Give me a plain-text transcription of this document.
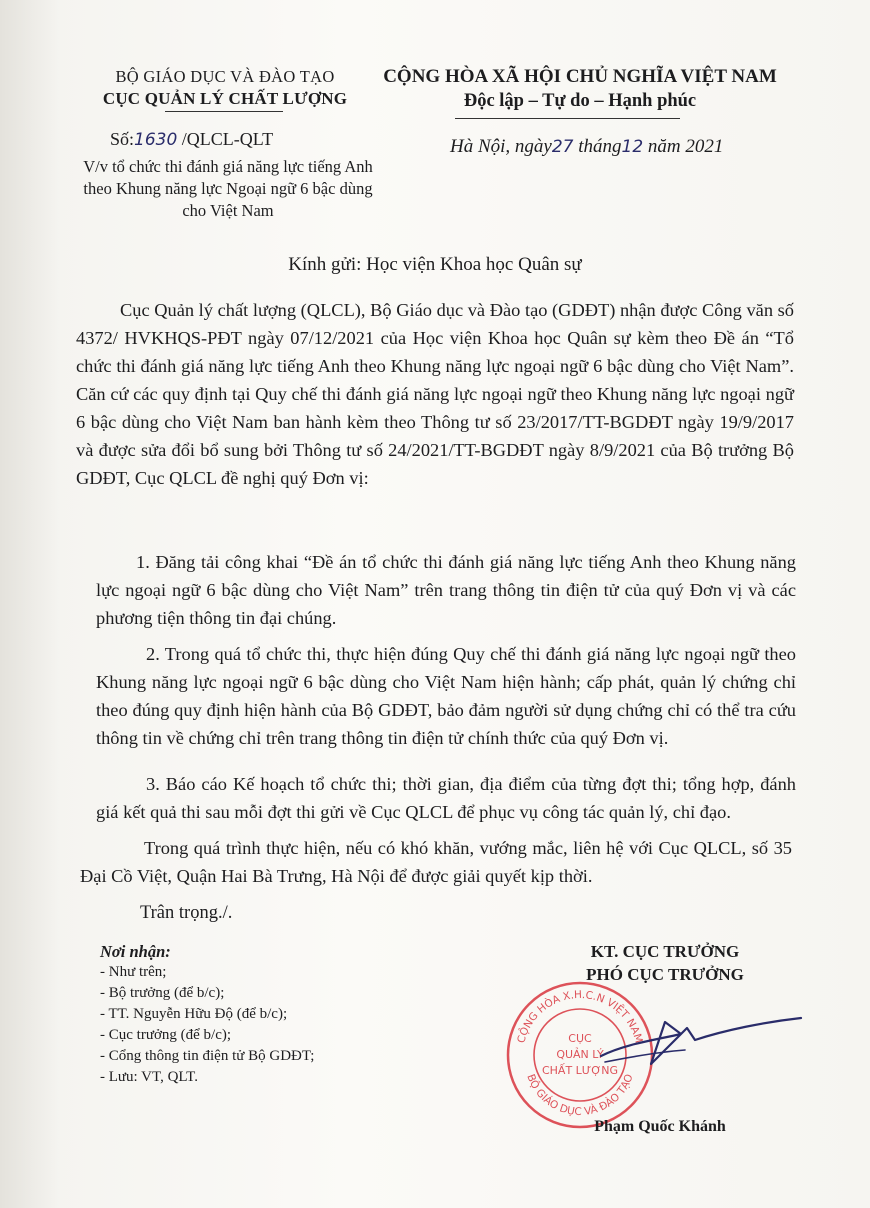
BỘ GIÁO DỤC VÀ ĐÀO TẠO
CỤC QUẢN LÝ CHẤT LƯỢNG
CỘNG HÒA XÃ HỘI CHỦ NGHĨA VIỆT NAM
Độc lập – Tự do – Hạnh phúc
Số:1630 /QLCL-QLT
V/v tổ chức thi đánh giá năng lực tiếng Anh theo Khung năng lực Ngoại ngữ 6 bậc dùng cho Việt Nam
Hà Nội, ngày27 tháng12 năm 2021
Kính gửi: Học viện Khoa học Quân sự
Cục Quản lý chất lượng (QLCL), Bộ Giáo dục và Đào tạo (GDĐT) nhận được Công văn số 4372/ HVKHQS-PĐT ngày 07/12/2021 của Học viện Khoa học Quân sự kèm theo Đề án “Tổ chức thi đánh giá năng lực tiếng Anh theo Khung năng lực ngoại ngữ 6 bậc dùng cho Việt Nam”. Căn cứ các quy định tại Quy chế thi đánh giá năng lực ngoại ngữ theo Khung năng lực ngoại ngữ 6 bậc dùng cho Việt Nam ban hành kèm theo Thông tư số 23/2017/TT-BGDĐT ngày 19/9/2017 và được sửa đổi bổ sung bởi Thông tư số 24/2021/TT-BGDĐT ngày 8/9/2021 của Bộ trưởng Bộ GDĐT, Cục QLCL đề nghị quý Đơn vị:
1. Đăng tải công khai “Đề án tổ chức thi đánh giá năng lực tiếng Anh theo Khung năng lực ngoại ngữ 6 bậc dùng cho Việt Nam” trên trang thông tin điện tử của quý Đơn vị và các phương tiện thông tin đại chúng.
2. Trong quá tổ chức thi, thực hiện đúng Quy chế thi đánh giá năng lực ngoại ngữ theo Khung năng lực ngoại ngữ 6 bậc dùng cho Việt Nam hiện hành; cấp phát, quản lý chứng chỉ theo đúng quy định hiện hành của Bộ GDĐT, bảo đảm người sử dụng chứng chỉ có thể tra cứu thông tin về chứng chỉ trên trang thông tin điện tử chính thức của quý Đơn vị.
3. Báo cáo Kế hoạch tổ chức thi; thời gian, địa điểm của từng đợt thi; tổng hợp, đánh giá kết quả thi sau mỗi đợt thi gửi về Cục QLCL để phục vụ công tác quản lý, chỉ đạo.
Trong quá trình thực hiện, nếu có khó khăn, vướng mắc, liên hệ với Cục QLCL, số 35 Đại Cồ Việt, Quận Hai Bà Trưng, Hà Nội để được giải quyết kịp thời.
Trân trọng./.
Nơi nhận:
- Như trên;
- Bộ trưởng (để b/c);
- TT. Nguyễn Hữu Độ (để b/c);
- Cục trưởng (để b/c);
- Cổng thông tin điện tử Bộ GDĐT;
- Lưu: VT, QLT.
KT. CỤC TRƯỞNG
PHÓ CỤC TRƯỞNG
CỘNG HÒA X.H.C.N VIỆT NAM
BỘ GIÁO DỤC VÀ ĐÀO TẠO
CỤC
QUẢN LÝ
CHẤT LƯỢNG
Phạm Quốc Khánh
